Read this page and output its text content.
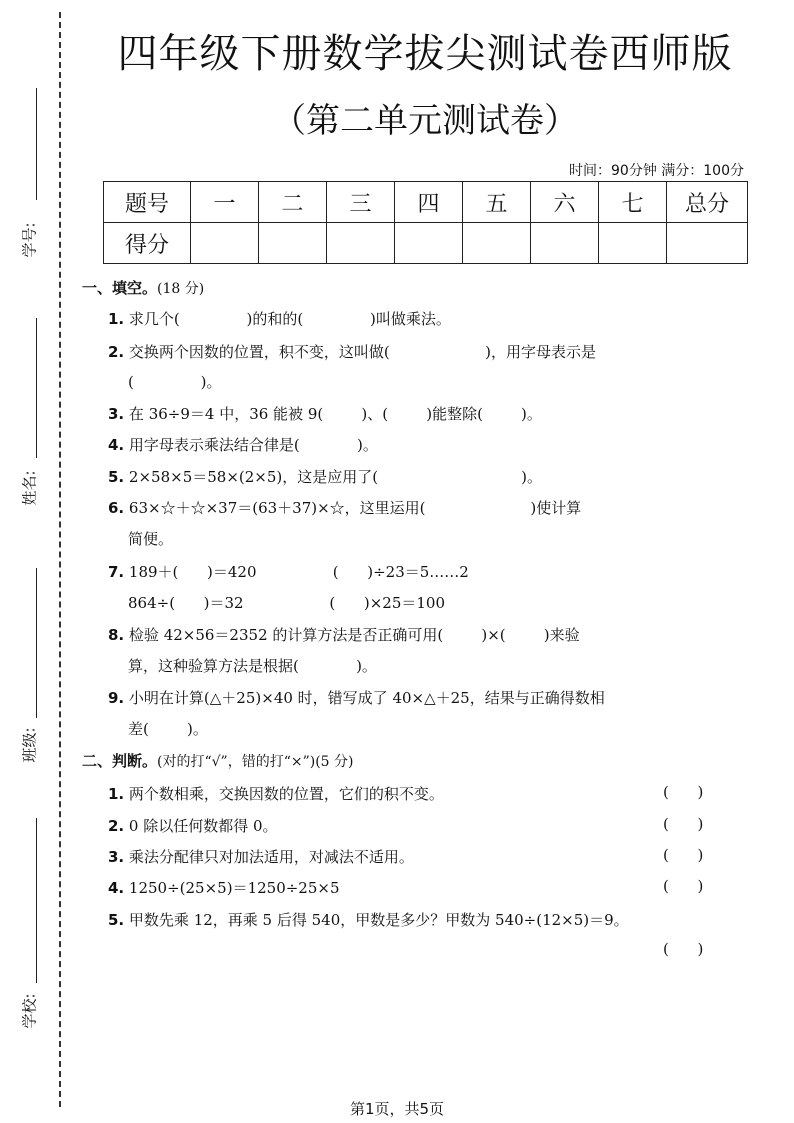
学号:
姓名:
班级:
学校:
四年级下册数学拔尖测试卷西师版
（第二单元测试卷）
时间：90分钟 满分：100分
题号	一	二	三	四	五	六	七	总分
得分								
一、填空。(18 分)
1. 求几个(              )的和的(              )叫做乘法。
2. 交换两个因数的位置，积不变，这叫做(                    )，用字母表示是
(              )。
3. 在 36÷9＝4 中，36 能被 9(        )、(        )能整除(        )。
4. 用字母表示乘法结合律是(            )。
5. 2×58×5＝58×(2×5)，这是应用了(                              )。
6. 63×☆＋☆×37＝(63＋37)×☆，这里运用(                      )使计算
简便。
7. 189＋(      )＝420                (      )÷23＝5……2
864÷(      )＝32                  (      )×25＝100
8. 检验 42×56＝2352 的计算方法是否正确可用(        )×(        )来验
算，这种验算方法是根据(            )。
9. 小明在计算(△＋25)×40 时，错写成了 40×△＋25，结果与正确得数相
差(        )。
二、判断。(对的打“√”，错的打“×”)(5 分)
1. 两个数相乘，交换因数的位置，它们的积不变。	(      )
2. 0 除以任何数都得 0。	(      )
3. 乘法分配律只对加法适用，对减法不适用。	(      )
4. 1250÷(25×5)＝1250÷25×5	(      )
5. 甲数先乘 12，再乘 5 后得 540，甲数是多少？甲数为 540÷(12×5)＝9。
(      )
第1页，共5页
